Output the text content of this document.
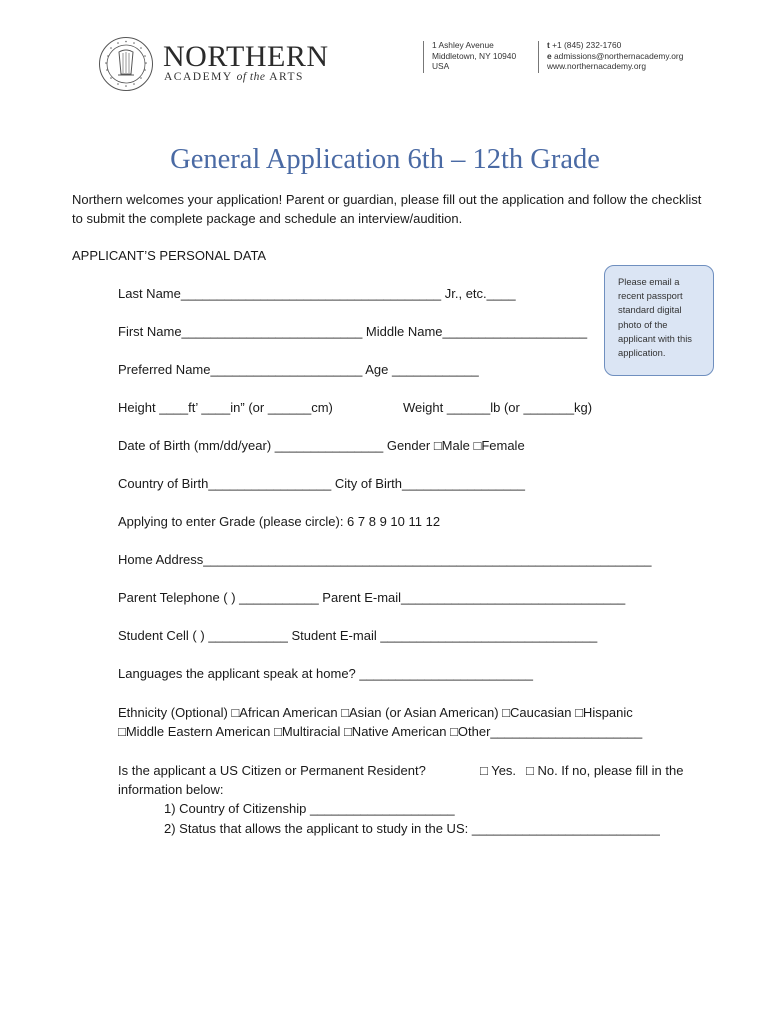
NORTHERN
ACADEMY of the ARTS
1 Ashley Avenue
Middletown, NY 10940
USA
t +1 (845) 232-1760
e admissions@northernacademy.org
www.northernacademy.org
General Application 6th – 12th Grade
Northern welcomes your application! Parent or guardian, please fill out the application and follow the checklist to submit the complete package and schedule an interview/audition.
APPLICANT’S PERSONAL DATA
Please email a recent passport standard digital photo of the applicant with this application.
Last Name____________________________________ Jr., etc.____
First Name_________________________ Middle Name____________________
Preferred Name_____________________ Age ____________
Height ____ft’ ____in” (or ______cm)	Weight ______lb (or _______kg)
Date of Birth (mm/dd/year) _______________ Gender □Male □Female
Country of Birth_________________ City of Birth_________________
Applying to enter Grade (please circle): 6 7 8 9 10 11 12
Home Address______________________________________________________________
Parent Telephone ( ) ___________ Parent E-mail_______________________________
Student Cell ( ) ___________ Student E-mail ______________________________
Languages the applicant speak at home? ________________________
Ethnicity (Optional) □African American □Asian (or Asian American) □Caucasian □Hispanic
□Middle Eastern American □Multiracial □Native American □Other_____________________
Is the applicant a US Citizen or Permanent Resident?	□ Yes. □ No. If no, please fill in the
information below:
1) Country of Citizenship ____________________
2) Status that allows the applicant to study in the US: __________________________
